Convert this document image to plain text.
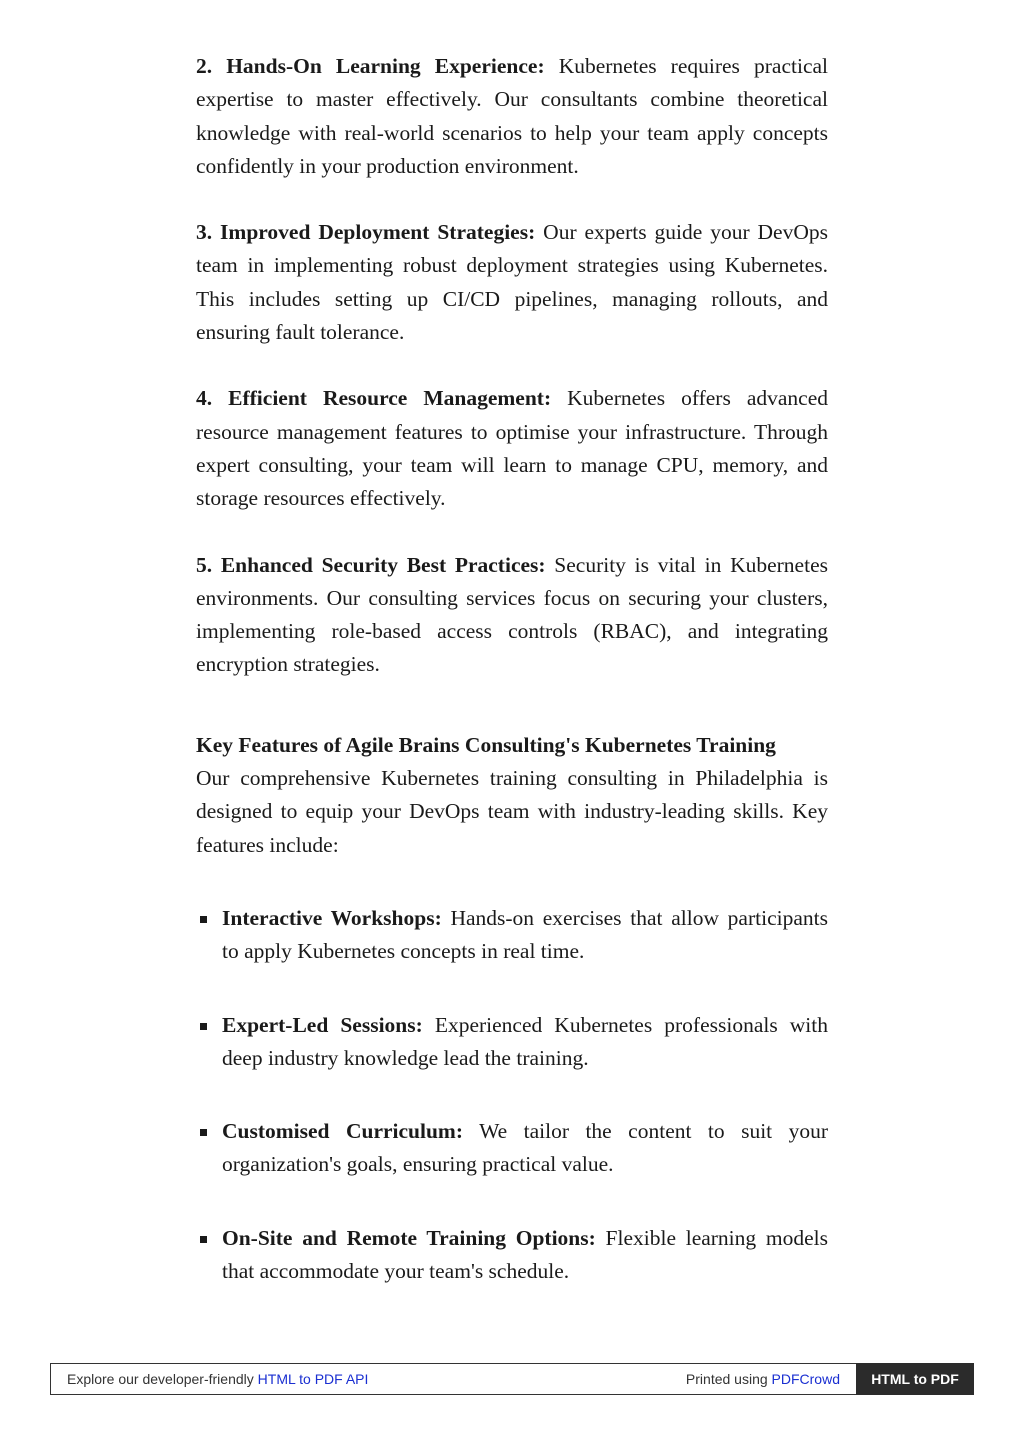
2. Hands-On Learning Experience: Kubernetes requires practical expertise to master effectively. Our consultants combine theoretical knowledge with real-world scenarios to help your team apply concepts confidently in your production environment.

3. Improved Deployment Strategies: Our experts guide your DevOps team in implementing robust deployment strategies using Kubernetes. This includes setting up CI/CD pipelines, managing rollouts, and ensuring fault tolerance.

4. Efficient Resource Management: Kubernetes offers advanced resource management features to optimise your infrastructure. Through expert consulting, your team will learn to manage CPU, memory, and storage resources effectively.

5. Enhanced Security Best Practices: Security is vital in Kubernetes environments. Our consulting services focus on securing your clusters, implementing role-based access controls (RBAC), and integrating encryption strategies.

Key Features of Agile Brains Consulting's Kubernetes Training

Our comprehensive Kubernetes training consulting in Philadelphia is designed to equip your DevOps team with industry-leading skills. Key features include:

Interactive Workshops: Hands-on exercises that allow participants to apply Kubernetes concepts in real time.
Expert-Led Sessions: Experienced Kubernetes professionals with deep industry knowledge lead the training.
Customised Curriculum: We tailor the content to suit your organization's goals, ensuring practical value.
On-Site and Remote Training Options: Flexible learning models that accommodate your team's schedule.
Explore our developer-friendly
HTML to PDF API	Printed using
PDFCrowd	HTML to PDF
